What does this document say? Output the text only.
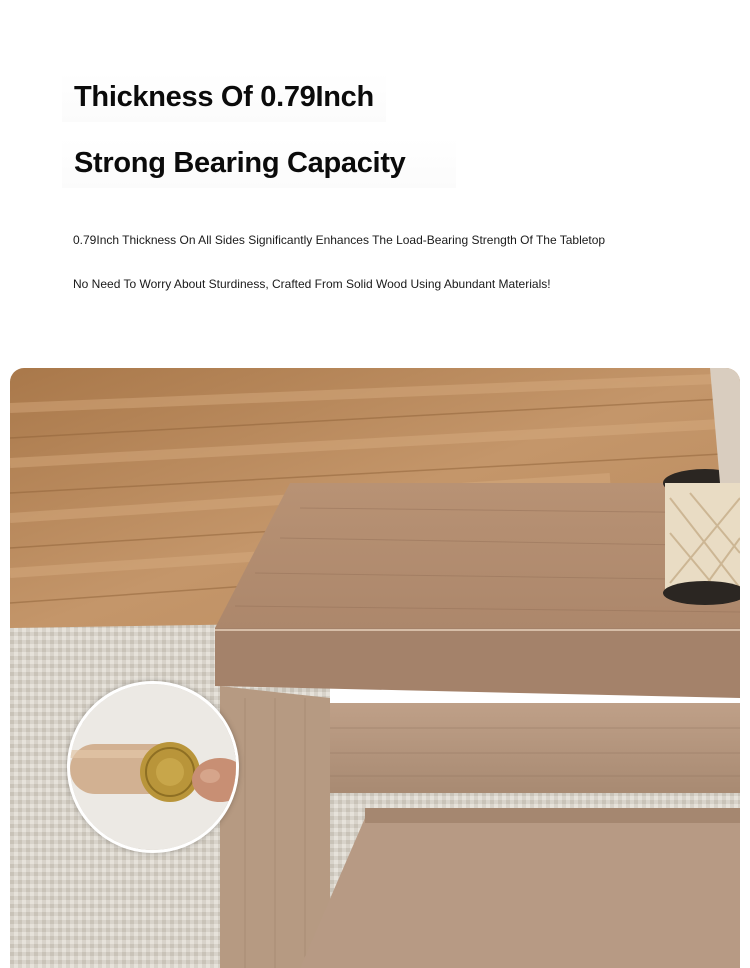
Thickness Of 0.79Inch
Strong Bearing Capacity

0.79Inch Thickness On All Sides Significantly Enhances The Load-Bearing Strength Of The Tabletop

No Need To Worry About Sturdiness, Crafted From Solid Wood Using Abundant Materials!
